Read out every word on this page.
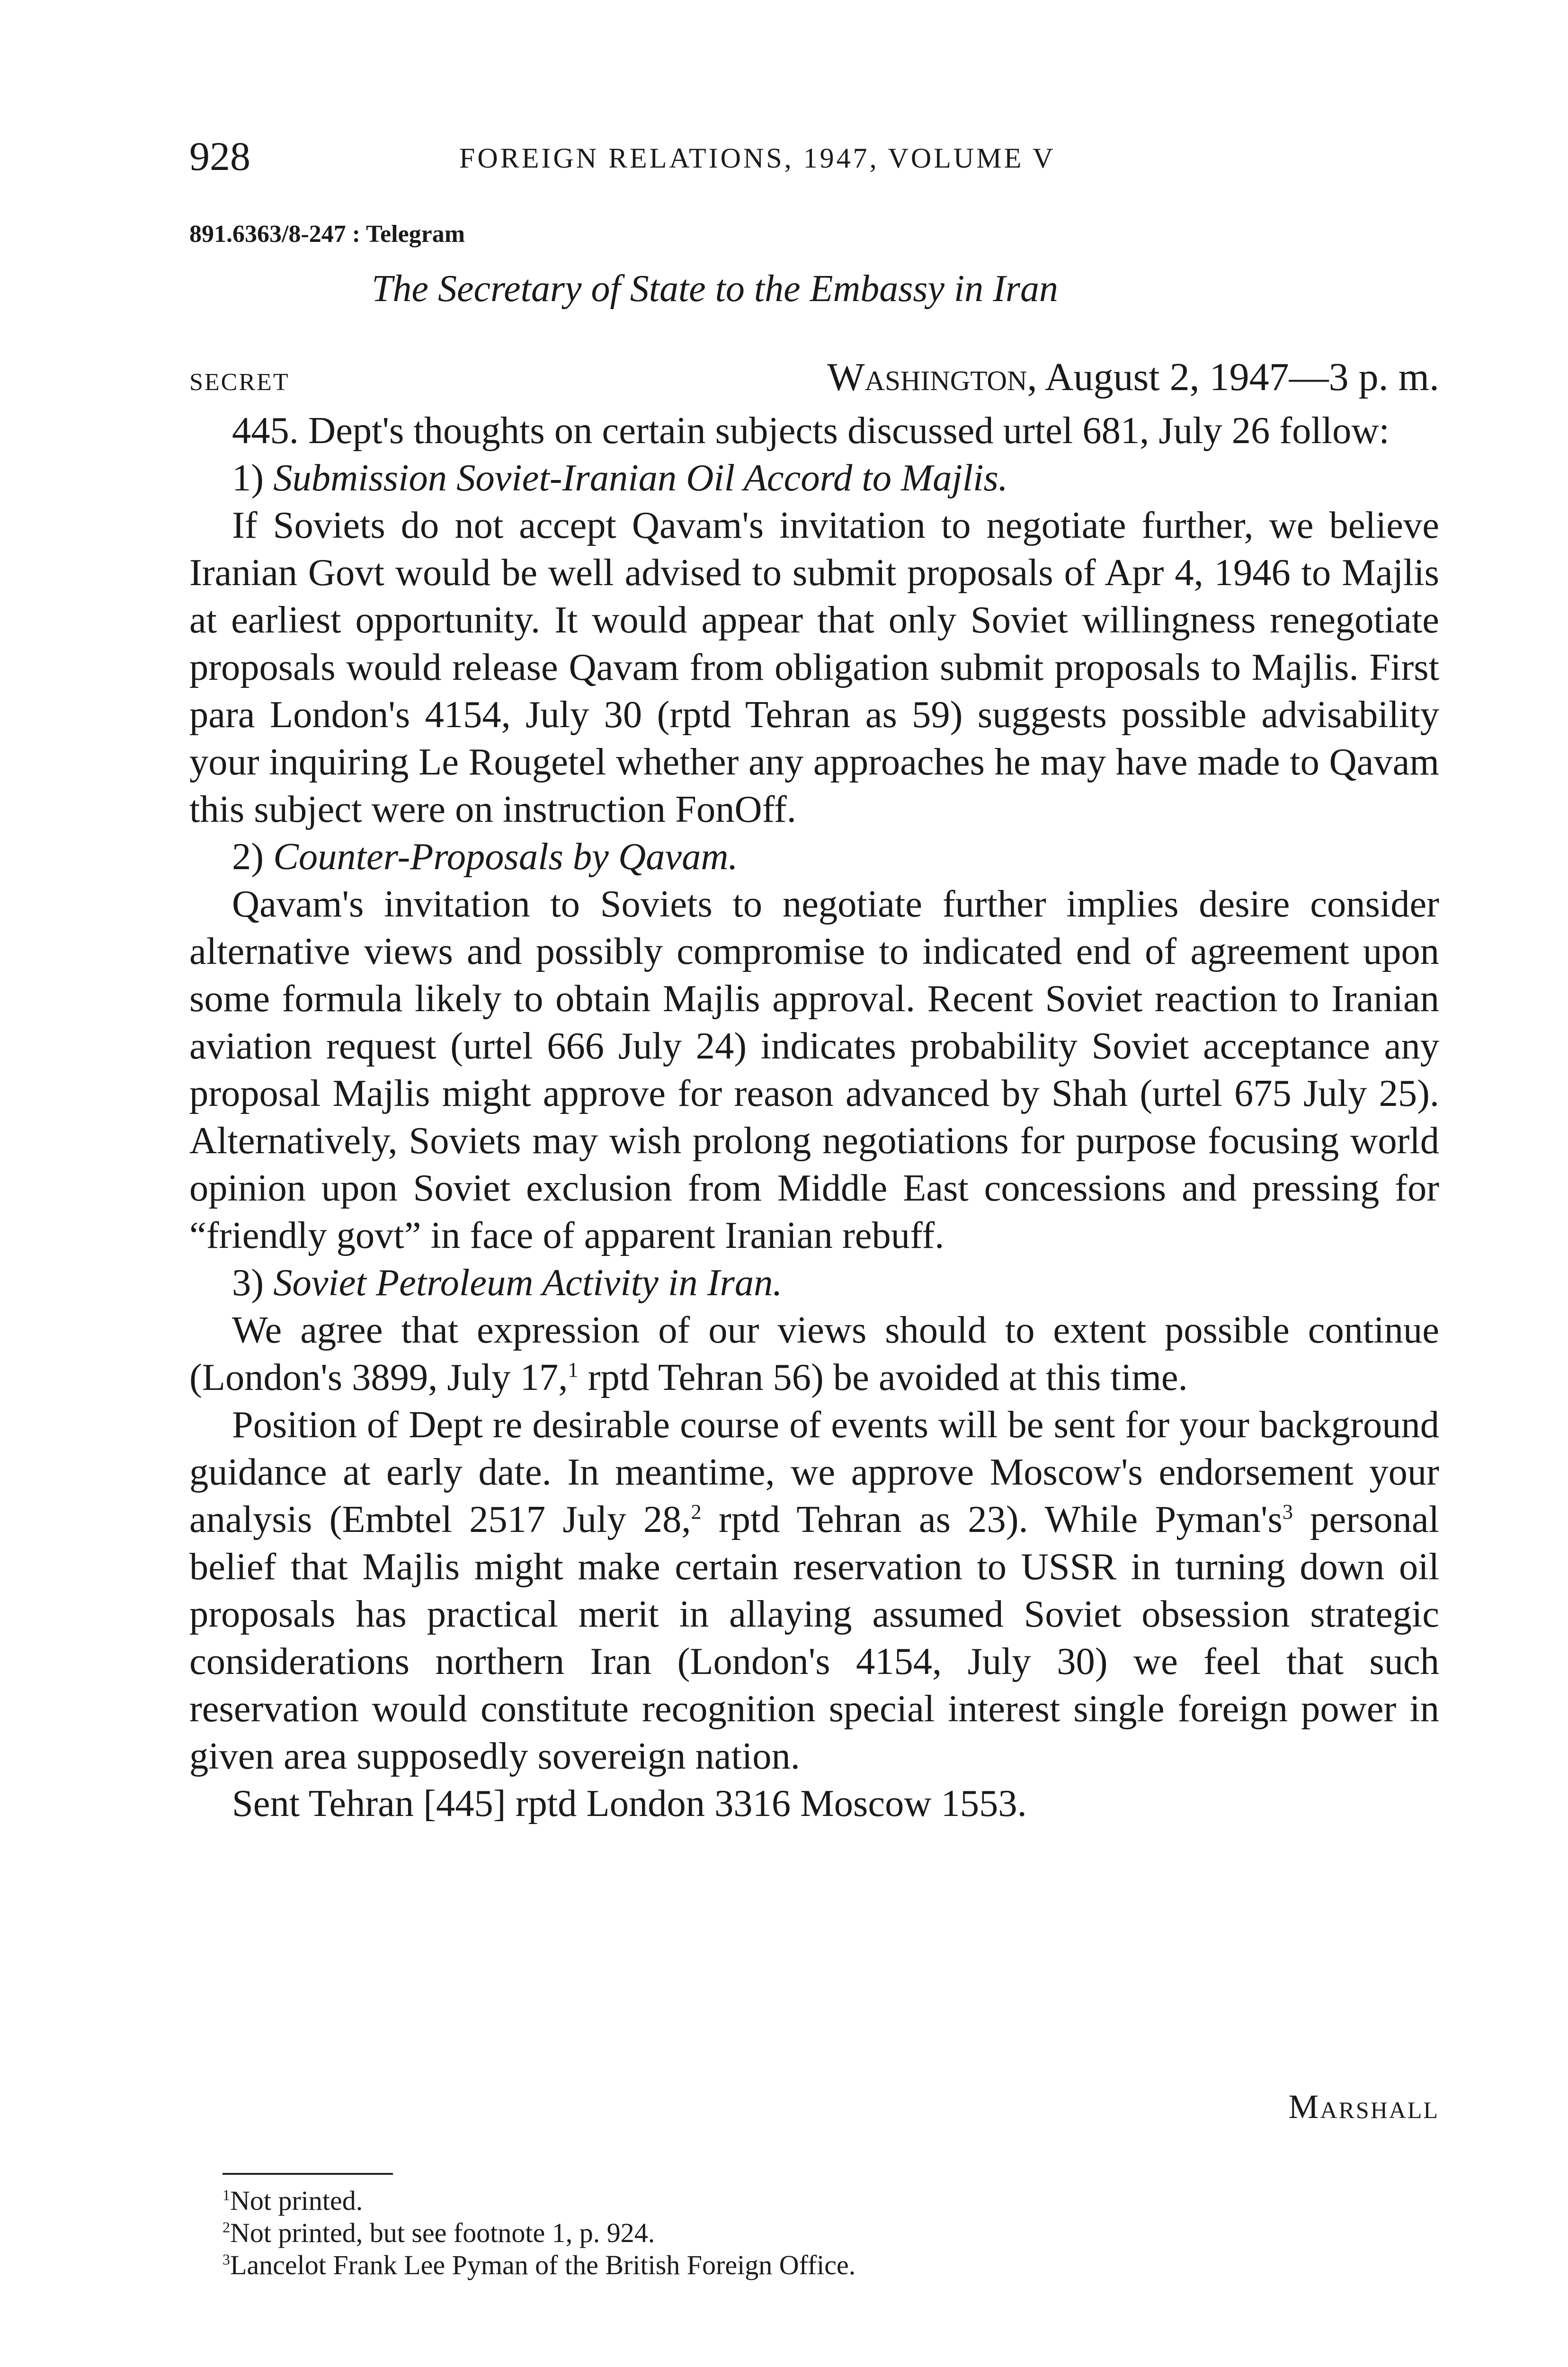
928	FOREIGN RELATIONS, 1947, VOLUME V
891.6363/8-247 : Telegram
The Secretary of State to the Embassy in Iran
SECRET	Washington, August 2, 1947—3 p. m.

445. Dept's thoughts on certain subjects discussed urtel 681, July 26 follow:

1) Submission Soviet-Iranian Oil Accord to Majlis.

If Soviets do not accept Qavam's invitation to negotiate further, we believe Iranian Govt would be well advised to submit proposals of Apr 4, 1946 to Majlis at earliest opportunity. It would appear that only Soviet willingness renegotiate proposals would release Qavam from obligation submit proposals to Majlis. First para London's 4154, July 30 (rptd Tehran as 59) suggests possible advisability your inquiring Le Rougetel whether any approaches he may have made to Qavam this subject were on instruction FonOff.

2) Counter-Proposals by Qavam.

Qavam's invitation to Soviets to negotiate further implies desire consider alternative views and possibly compromise to indicated end of agreement upon some formula likely to obtain Majlis approval. Recent Soviet reaction to Iranian aviation request (urtel 666 July 24) indicates probability Soviet acceptance any proposal Majlis might approve for reason advanced by Shah (urtel 675 July 25). Alternatively, Soviets may wish prolong negotiations for purpose focusing world opinion upon Soviet exclusion from Middle East concessions and pressing for “friendly govt” in face of apparent Iranian rebuff.

3) Soviet Petroleum Activity in Iran.

We agree that expression of our views should to extent possible continue (London's 3899, July 17,$^1$ rptd Tehran 56) be avoided at this time.

Position of Dept re desirable course of events will be sent for your background guidance at early date. In meantime, we approve Moscow's endorsement your analysis (Embtel 2517 July 28,$^2$ rptd Tehran as 23). While $Pyman's^3$ personal belief that Majlis might make certain reservation to USSR in turning down oil proposals has practical merit in allaying assumed Soviet obsession strategic considerations northern Iran (London's 4154, July 30) we feel that such reservation would constitute recognition special interest single foreign power in given area supposedly sovereign nation.

Sent Tehran [445] rptd London 3316 Moscow 1553.

Marshall
$^1$Not printed.
$^2$Not printed, but see footnote 1, p. 924.
$^3$Lancelot Frank Lee Pyman of the British Foreign Office.
